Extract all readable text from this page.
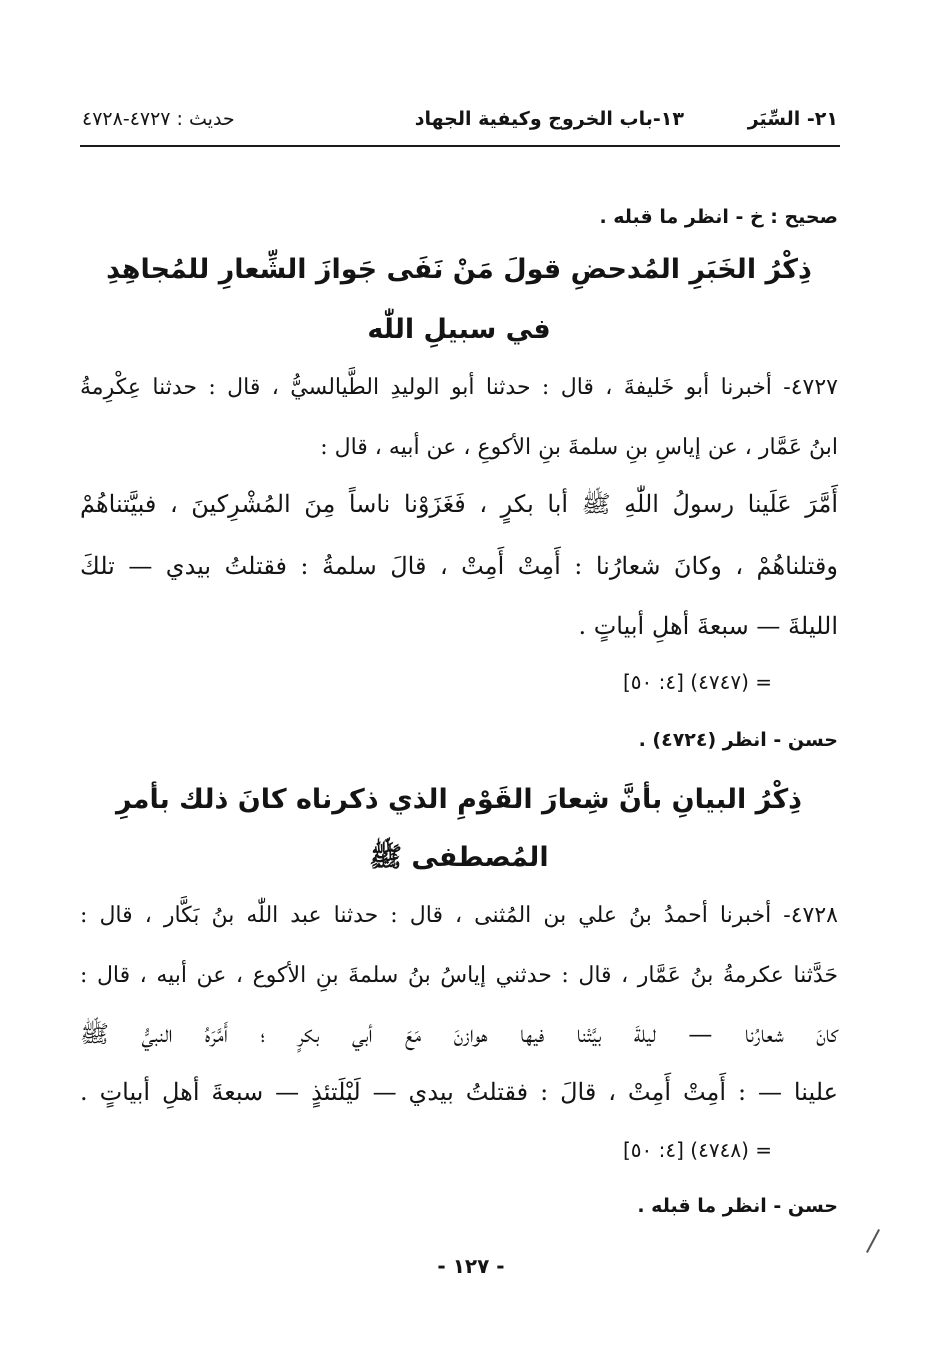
٢١- السِّيَر
١٣-باب الخروج وكيفية الجهاد
حديث : ٤٧٢٧-٤٧٢٨
صحيح : خ - انظر ما قبله .
ذِكْرُ الخَبَرِ المُدحضِ قولَ مَنْ نَفَى جَوازَ الشِّعارِ للمُجاهِدِ
في سبيلِ اللّٰه
٤٧٢٧- أخبرنا أبو خَليفةَ ، قال : حدثنا أبو الوليدِ الطَّيالسيُّ ، قال : حدثنا عِكْرِمةُ
ابنُ عَمَّار ، عن إياسِ بنِ سلمةَ بنِ الأكوعِ ، عن أبيه ، قال :
أَمَّرَ عَلَينا رسولُ اللّٰهِ ﷺ أبا بكرٍ ، فَغَزَوْنا ناساً مِنَ المُشْرِكينَ ، فبيَّتناهُمْ
وقتلناهُمْ ، وكانَ شعارُنا : أَمِتْ أَمِتْ ، قالَ سلمةُ : فقتلتُ بيدي — تلكَ
الليلةَ — سبعةَ أهلِ أبياتٍ .
= (٤٧٤٧) [٤: ٥٠]
حسن - انظر (٤٧٢٤) .
ذِكْرُ البيانِ بأنَّ شِعارَ القَوْمِ الذي ذكرناه كانَ ذلك بأمرِ
المُصطفى ﷺ
٤٧٢٨- أخبرنا أحمدُ بنُ علي بن المُثنى ، قال : حدثنا عبد اللّٰه بنُ بَكَّار ، قال :
حَدَّثنا عكرمةُ بنُ عَمَّار ، قال : حدثني إياسُ بنُ سلمةَ بنِ الأكوع ، عن أبيه ، قال :
كانَ شعارُنا — ليلةَ بيَّتْنا فيها هوازنَ مَعَ أبي بكرٍ ؛ أَمَّرَهُ النبيُّ ﷺ
علينا — : أَمِتْ أَمِتْ ، قالَ : فقتلتُ بيدي — لَيْلَتئذٍ — سبعةَ أهلِ أبياتٍ .
= (٤٧٤٨) [٤: ٥٠]
حسن - انظر ما قبله .
- ١٢٧ -
